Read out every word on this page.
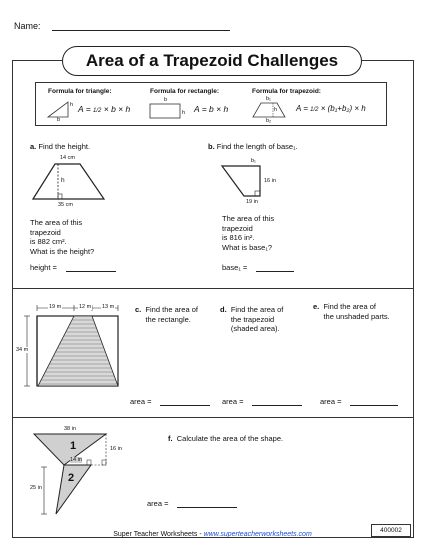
Name:
Area of a Trapezoid Challenges
Formula for triangle:	Formula for rectangle:	Formula for trapezoid:
h
b
A = 1/2 × b × h
b
h A = b × h
b₁
h
b₂
A = 1/2 × (b₁+b₂) × h
a. Find the height.
14 cm
h
35 cm
The area of this
trapezoid
is 882 cm².
What is the height?
height =
b. Find the length of base₁.
b₁
16 in
19 in
The area of this
trapezoid
is 816 in².
What is base₁?
base₁ =
19 m	12 m 13 m
34 m
c. Find the area of
the rectangle.
area =
d. Find the area of
the trapezoid
(shaded area).
area =
e. Find the area of
the unshaded parts.
area =
38 in
16 in
14 in
25 in
1
2
f. Calculate the area of the shape.
area =
Super Teacher Worksheets - www.superteacherworksheets.com
400002
